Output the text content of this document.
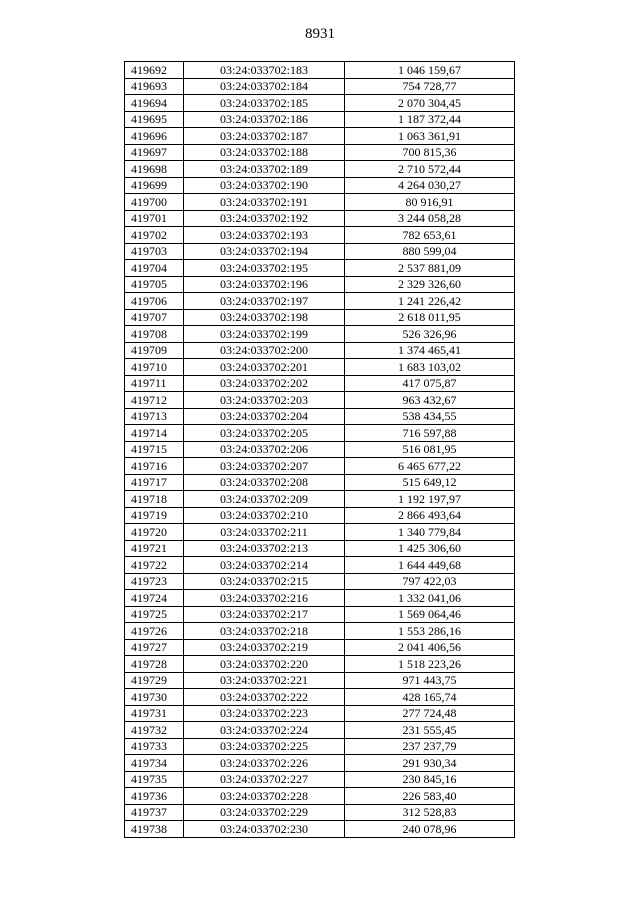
8931
419692	03:24:033702:183	1 046 159,67
419693	03:24:033702:184	754 728,77
419694	03:24:033702:185	2 070 304,45
419695	03:24:033702:186	1 187 372,44
419696	03:24:033702:187	1 063 361,91
419697	03:24:033702:188	700 815,36
419698	03:24:033702:189	2 710 572,44
419699	03:24:033702:190	4 264 030,27
419700	03:24:033702:191	80 916,91
419701	03:24:033702:192	3 244 058,28
419702	03:24:033702:193	782 653,61
419703	03:24:033702:194	880 599,04
419704	03:24:033702:195	2 537 881,09
419705	03:24:033702:196	2 329 326,60
419706	03:24:033702:197	1 241 226,42
419707	03:24:033702:198	2 618 011,95
419708	03:24:033702:199	526 326,96
419709	03:24:033702:200	1 374 465,41
419710	03:24:033702:201	1 683 103,02
419711	03:24:033702:202	417 075,87
419712	03:24:033702:203	963 432,67
419713	03:24:033702:204	538 434,55
419714	03:24:033702:205	716 597,88
419715	03:24:033702:206	516 081,95
419716	03:24:033702:207	6 465 677,22
419717	03:24:033702:208	515 649,12
419718	03:24:033702:209	1 192 197,97
419719	03:24:033702:210	2 866 493,64
419720	03:24:033702:211	1 340 779,84
419721	03:24:033702:213	1 425 306,60
419722	03:24:033702:214	1 644 449,68
419723	03:24:033702:215	797 422,03
419724	03:24:033702:216	1 332 041,06
419725	03:24:033702:217	1 569 064,46
419726	03:24:033702:218	1 553 286,16
419727	03:24:033702:219	2 041 406,56
419728	03:24:033702:220	1 518 223,26
419729	03:24:033702:221	971 443,75
419730	03:24:033702:222	428 165,74
419731	03:24:033702:223	277 724,48
419732	03:24:033702:224	231 555,45
419733	03:24:033702:225	237 237,79
419734	03:24:033702:226	291 930,34
419735	03:24:033702:227	230 845,16
419736	03:24:033702:228	226 583,40
419737	03:24:033702:229	312 528,83
419738	03:24:033702:230	240 078,96
